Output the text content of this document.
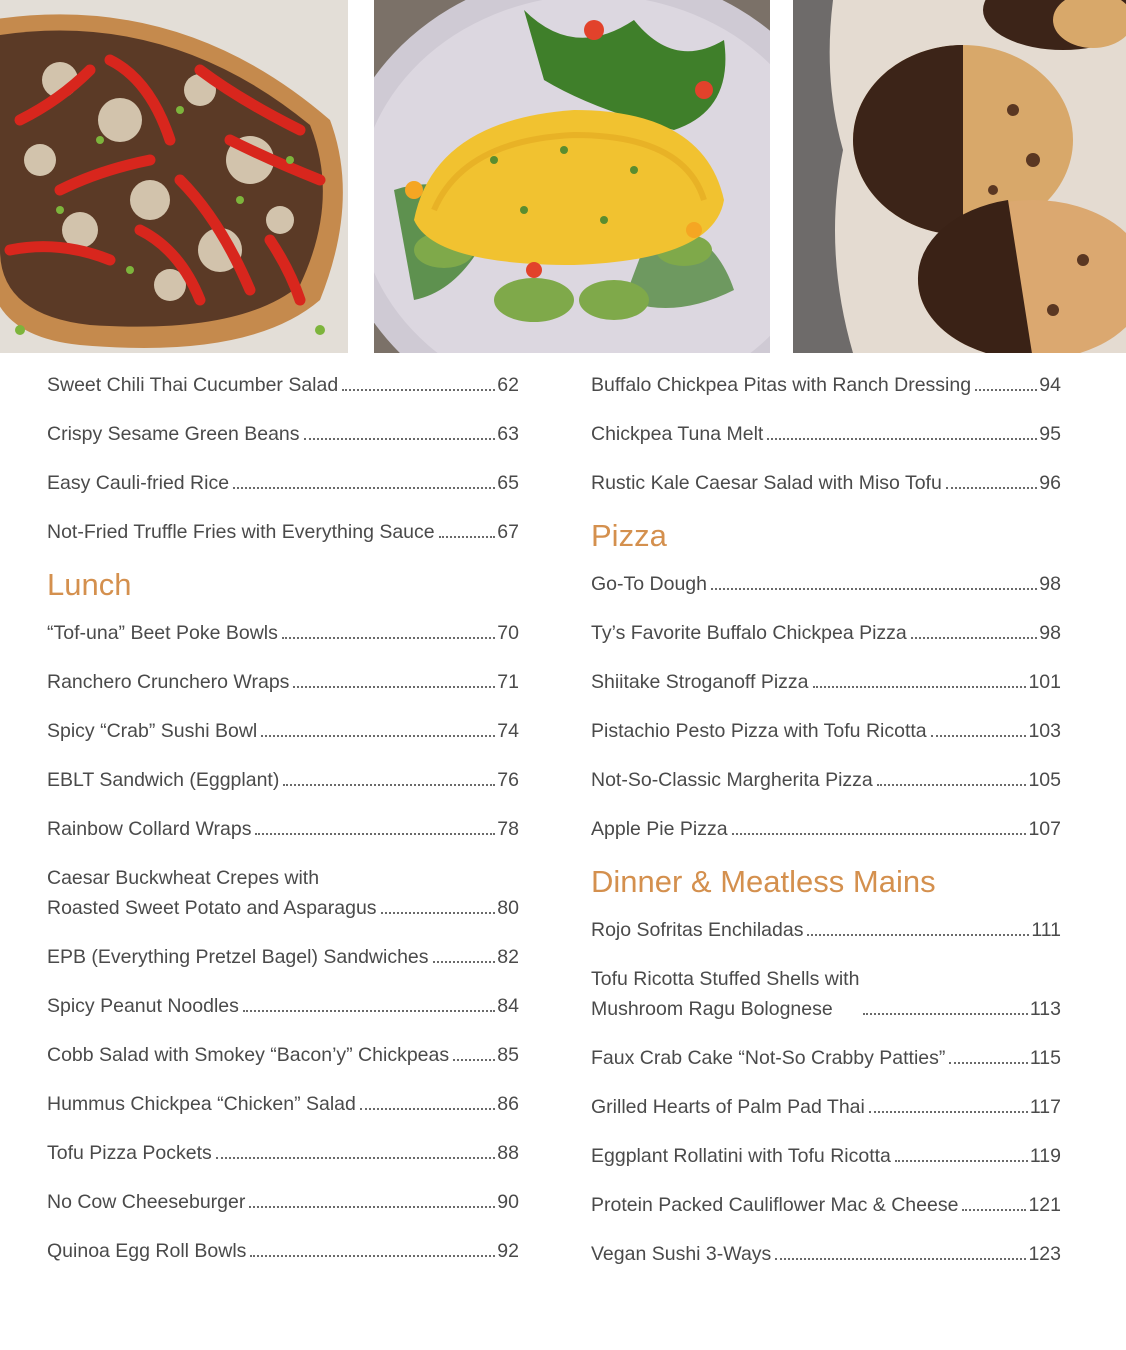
Sweet Chili Thai Cucumber Salad	62
Crispy Sesame Green Beans	63
Easy Cauli-fried Rice	65
Not-Fried Truffle Fries with Everything Sauce	67
Lunch
“Tof-una” Beet Poke Bowls	70
Ranchero Crunchero Wraps	71
Spicy “Crab” Sushi Bowl	74
EBLT Sandwich (Eggplant)	76
Rainbow Collard Wraps	78
Caesar Buckwheat Crepes with
Roasted Sweet Potato and Asparagus	80
EPB (Everything Pretzel Bagel) Sandwiches	82
Spicy Peanut Noodles	84
Cobb Salad with Smokey “Bacon’y” Chickpeas 85
Hummus Chickpea “Chicken” Salad	86
Tofu Pizza Pockets	88
No Cow Cheeseburger	90
Quinoa Egg Roll Bowls	92
Buffalo Chickpea Pitas with Ranch Dressing	94
Chickpea Tuna Melt	95
Rustic Kale Caesar Salad with Miso Tofu	96
Pizza
Go-To Dough	98
Ty’s Favorite Buffalo Chickpea Pizza	98
Shiitake Stroganoff Pizza	101
Pistachio Pesto Pizza with Tofu Ricotta	103
Not-So-Classic Margherita Pizza	105
Apple Pie Pizza	107
Dinner & Meatless Mains
Rojo Sofritas Enchiladas	111
Tofu Ricotta Stuffed Shells with
Mushroom Ragu Bolognese	113
Faux Crab Cake “Not-So Crabby Patties”	115
Grilled Hearts of Palm Pad Thai	117
Eggplant Rollatini with Tofu Ricotta	119
Protein Packed Cauliflower Mac & Cheese	121
Vegan Sushi 3-Ways	123
